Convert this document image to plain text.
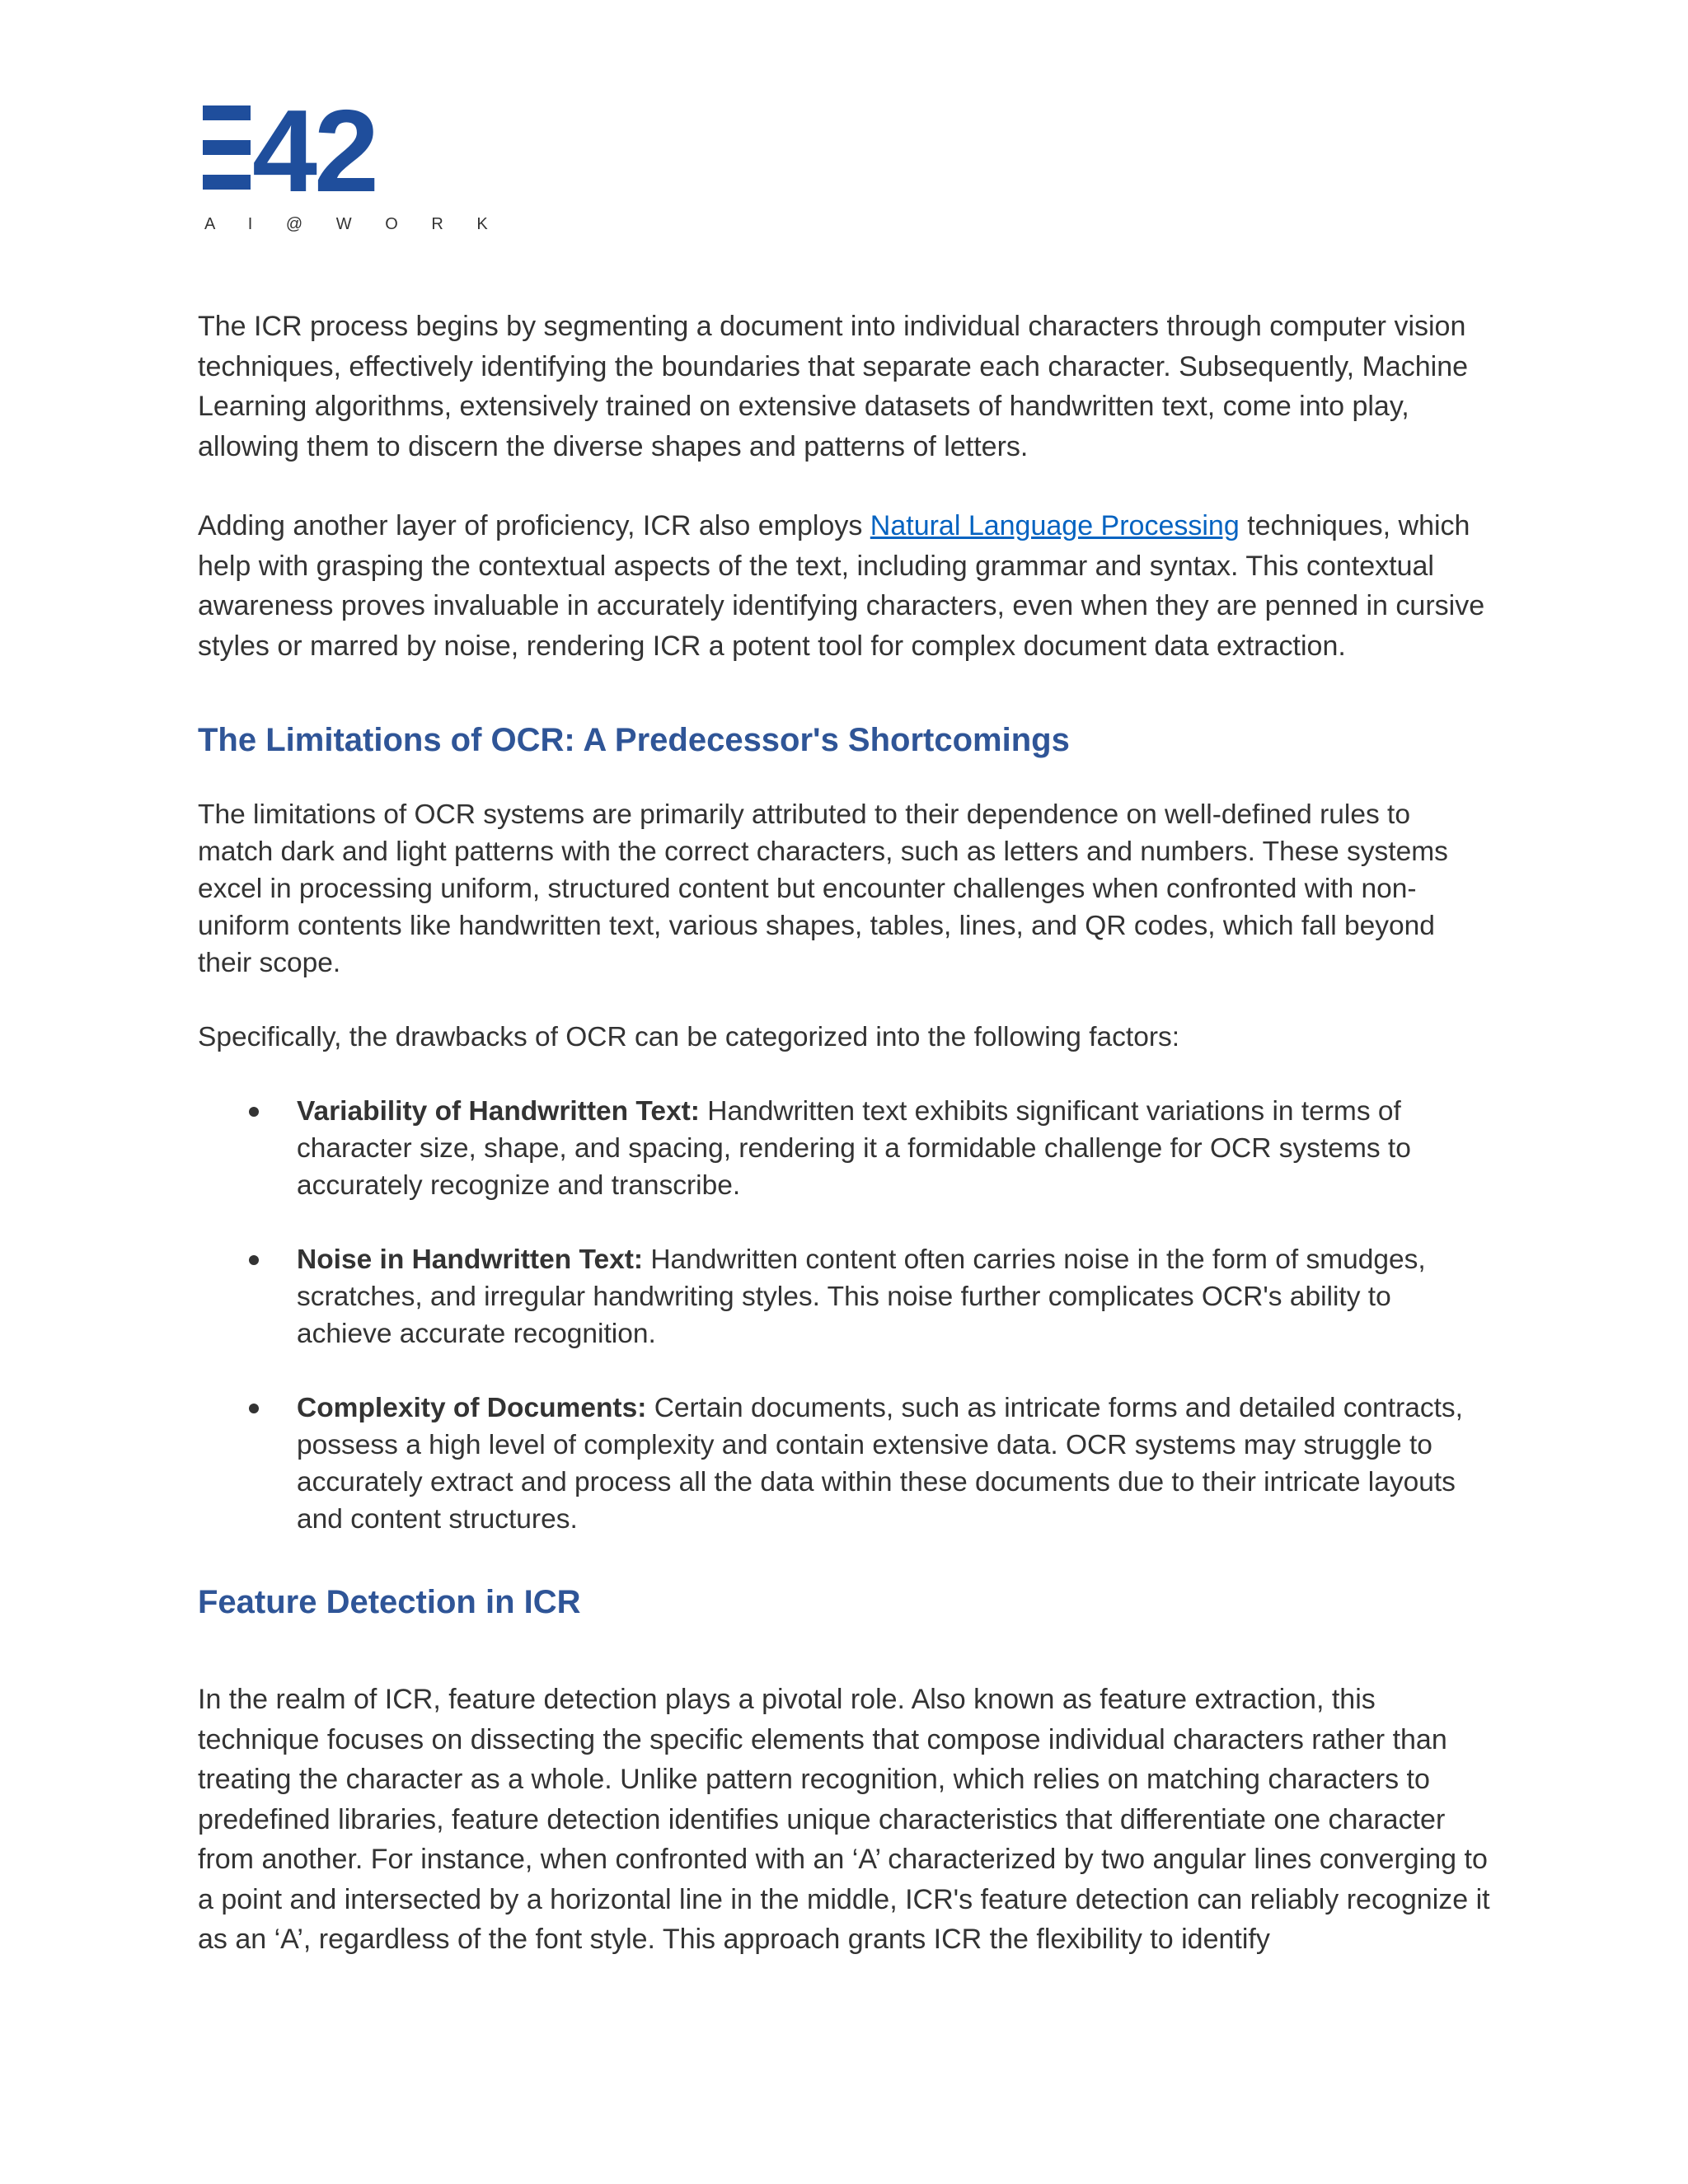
42
A I @ W O R K

The ICR process begins by segmenting a document into individual characters through computer vision techniques, effectively identifying the boundaries that separate each character. Subsequently, Machine Learning algorithms, extensively trained on extensive datasets of handwritten text, come into play, allowing them to discern the diverse shapes and patterns of letters.

Adding another layer of proficiency, ICR also employs Natural Language Processing techniques, which help with grasping the contextual aspects of the text, including grammar and syntax. This contextual awareness proves invaluable in accurately identifying characters, even when they are penned in cursive styles or marred by noise, rendering ICR a potent tool for complex document data extraction.

The Limitations of OCR: A Predecessor's Shortcomings

The limitations of OCR systems are primarily attributed to their dependence on well-defined rules to match dark and light patterns with the correct characters, such as letters and numbers. These systems excel in processing uniform, structured content but encounter challenges when confronted with non-uniform contents like handwritten text, various shapes, tables, lines, and QR codes, which fall beyond their scope.

Specifically, the drawbacks of OCR can be categorized into the following factors:

Variability of Handwritten Text: Handwritten text exhibits significant variations in terms of character size, shape, and spacing, rendering it a formidable challenge for OCR systems to accurately recognize and transcribe.
Noise in Handwritten Text: Handwritten content often carries noise in the form of smudges, scratches, and irregular handwriting styles. This noise further complicates OCR's ability to achieve accurate recognition.
Complexity of Documents: Certain documents, such as intricate forms and detailed contracts, possess a high level of complexity and contain extensive data. OCR systems may struggle to accurately extract and process all the data within these documents due to their intricate layouts and content structures.
Feature Detection in ICR

In the realm of ICR, feature detection plays a pivotal role. Also known as feature extraction, this technique focuses on dissecting the specific elements that compose individual characters rather than treating the character as a whole. Unlike pattern recognition, which relies on matching characters to predefined libraries, feature detection identifies unique characteristics that differentiate one character from another. For instance, when confronted with an ‘A’ characterized by two angular lines converging to a point and intersected by a horizontal line in the middle, ICR's feature detection can reliably recognize it as an ‘A’, regardless of the font style. This approach grants ICR the flexibility to identify
